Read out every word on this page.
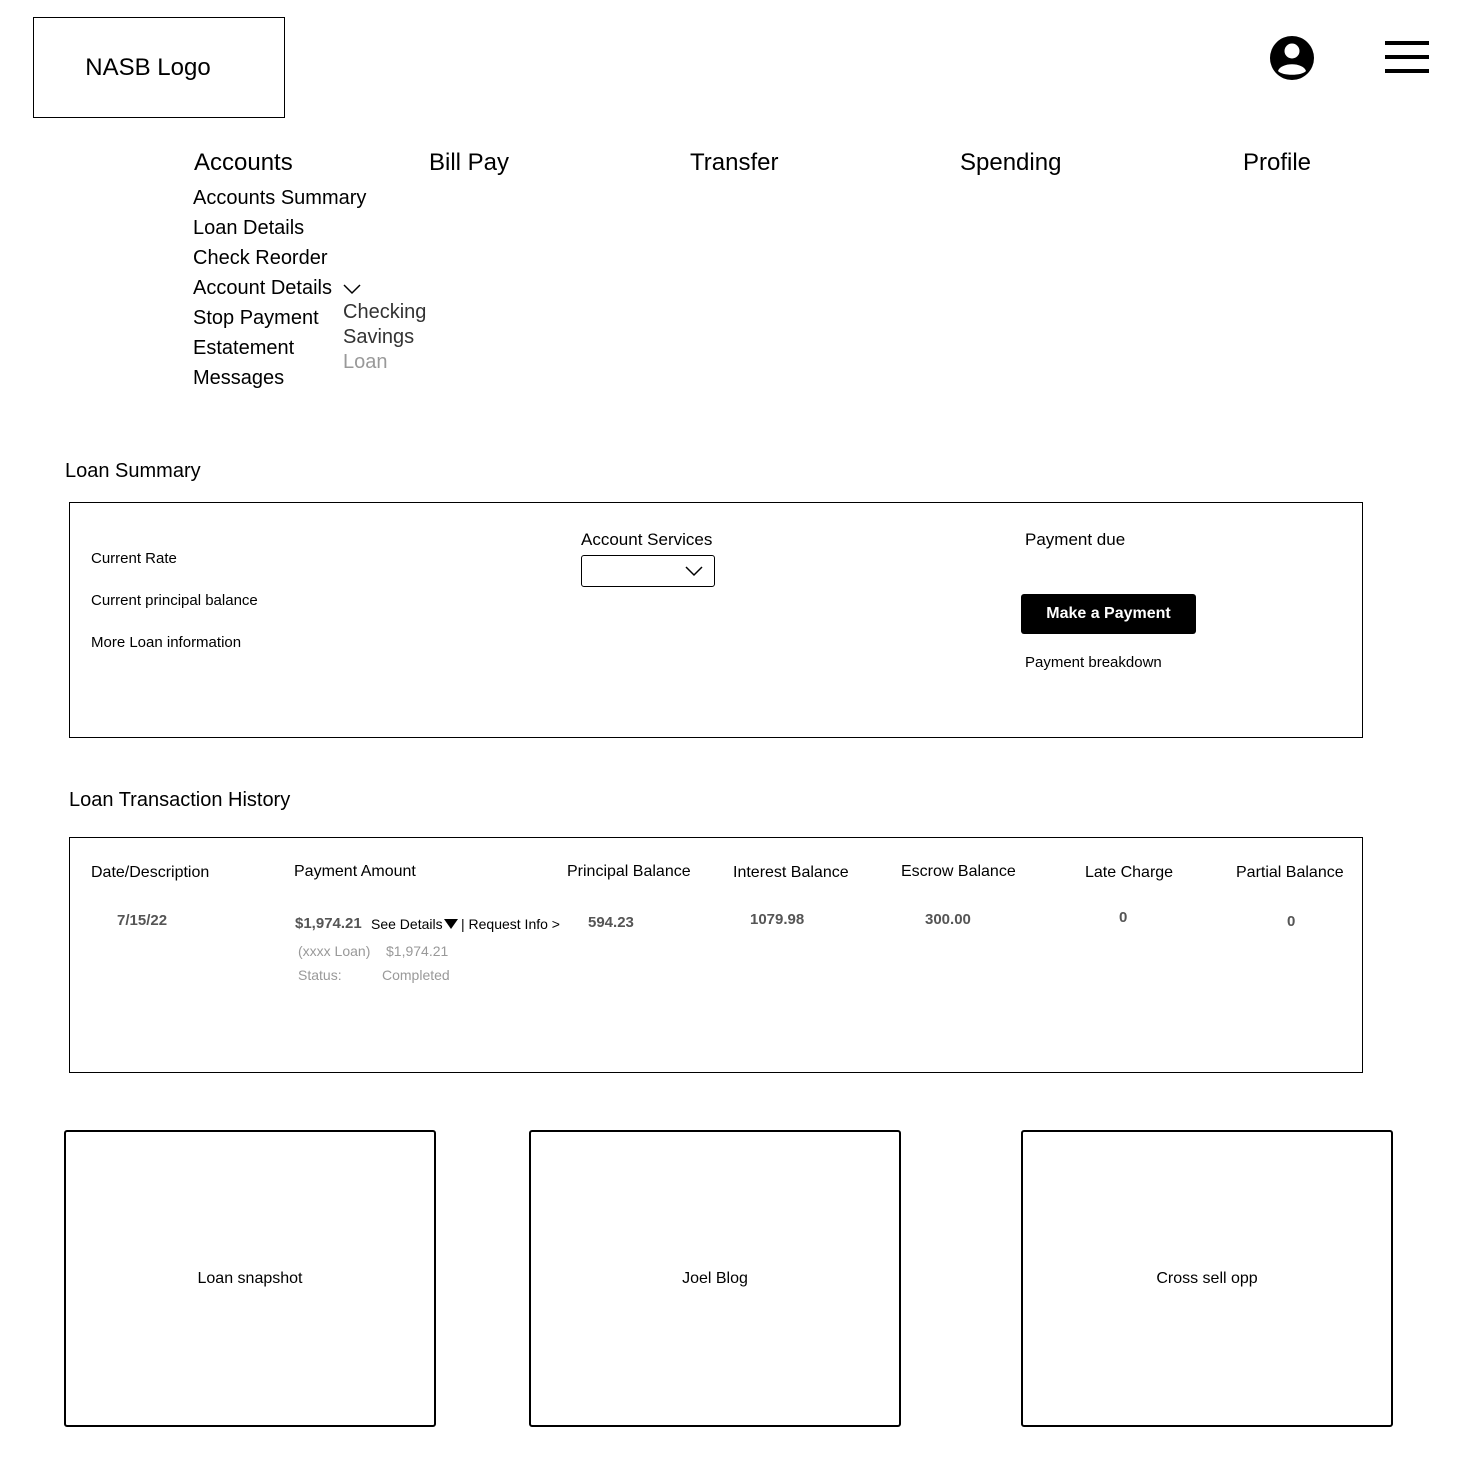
NASB Logo
Accounts	Bill Pay	Transfer	Spending	Profile
Accounts Summary
Loan Details
Check Reorder
Account Details
Stop Payment
Estatement
Messages
Checking
Savings
Loan
Loan Summary
Current Rate
Current principal balance
More Loan information
Account Services	Payment due
Make a Payment
Payment breakdown
Loan Transaction History
Date/Description	Payment Amount	Principal Balance	Interest Balance	Escrow Balance	Late Charge	Partial Balance
7/15/22	$1,974.21 See Details | Request Info > 594.23	1079.98	300.00	0	0
(xxxx Loan) $1,974.21
Status:	Completed
Loan snapshot	Joel Blog	Cross sell opp
